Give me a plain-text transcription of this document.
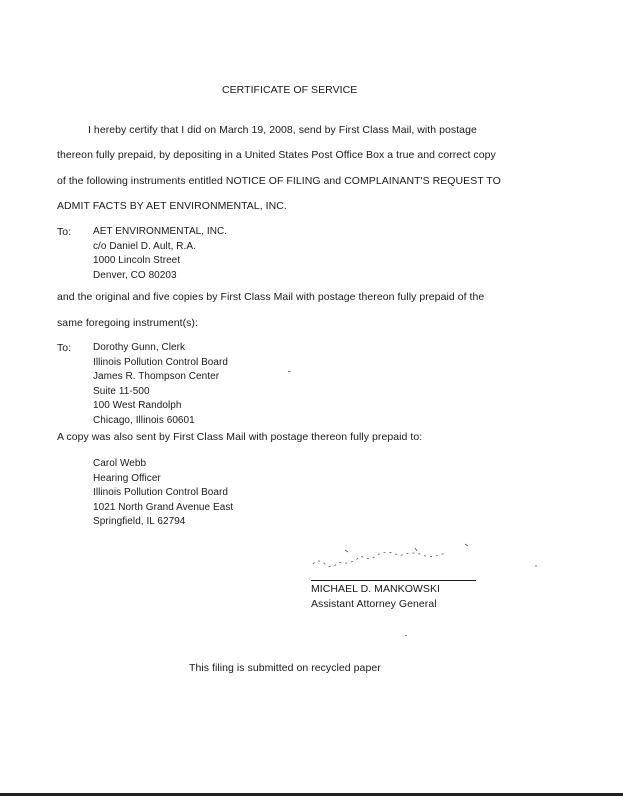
CERTIFICATE OF SERVICE
I hereby certify that I did on March 19, 2008, send by First Class Mail, with postage
thereon fully prepaid, by depositing in a United States Post Office Box a true and correct copy
of the following instruments entitled NOTICE OF FILING and COMPLAINANT'S REQUEST TO
ADMIT FACTS BY AET ENVIRONMENTAL, INC.
To: AET ENVIRONMENTAL, INC.
c/o Daniel D. Ault, R.A.
1000 Lincoln Street
Denver, CO 80203
and the original and five copies by First Class Mail with postage thereon fully prepaid of the
same foregoing instrument(s):
To: Dorothy Gunn, Clerk
Illinois Pollution Control Board
James R. Thompson Center
Suite 11-500
100 West Randolph
Chicago, Illinois 60601
A copy was also sent by First Class Mail with postage thereon fully prepaid to:
Carol Webb
Hearing Officer
Illinois Pollution Control Board
1021 North Grand Avenue East
Springfield, IL 62794
MICHAEL D. MANKOWSKI
Assistant Attorney General
This filing is submitted on recycled paper
